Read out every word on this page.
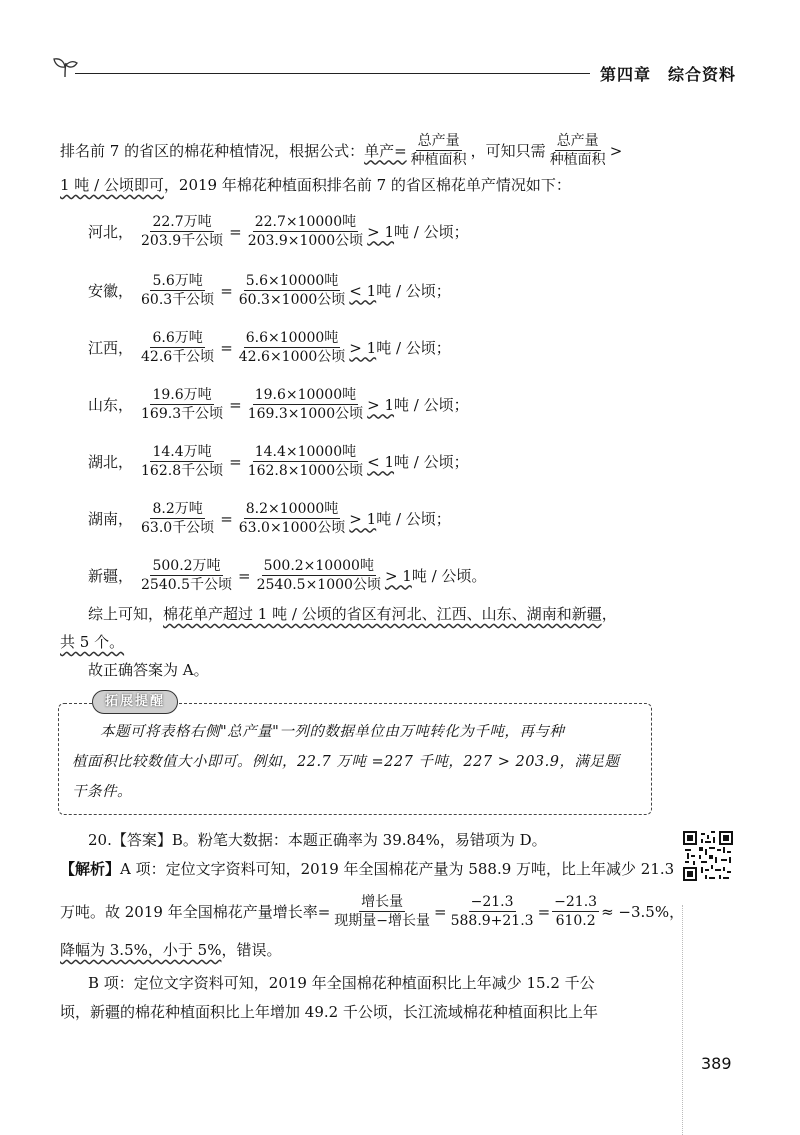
第四章　综合资料
排名前 7 的省区的棉花种植情况，根据公式： 单产= $\frac{\text{总产量}}{\text{种植面积}}$ ，可知只需 $\frac{\text{总产量}}{\text{种植面积}}$ >
1 吨 / 公顷即可，2019 年棉花种植面积排名前 7 的省区棉花单产情况如下：
河北， $\frac{\text{22.7万吨}}{\text{203.9千公顷}} = \frac{\text{22.7×10000吨}}{\text{203.9×1000公顷}} > 1$ 吨 / 公顷；
安徽， $\frac{\text{5.6万吨}}{\text{60.3千公顷}} = \frac{\text{5.6×10000吨}}{\text{60.3×1000公顷}} < 1$ 吨 / 公顷；
江西， $\frac{\text{6.6万吨}}{\text{42.6千公顷}} = \frac{\text{6.6×10000吨}}{\text{42.6×1000公顷}} > 1$ 吨 / 公顷；
山东， $\frac{\text{19.6万吨}}{\text{169.3千公顷}} = \frac{\text{19.6×10000吨}}{\text{169.3×1000公顷}} > 1$ 吨 / 公顷；
湖北， $\frac{\text{14.4万吨}}{\text{162.8千公顷}} = \frac{\text{14.4×10000吨}}{\text{162.8×1000公顷}} < 1$ 吨 / 公顷；
湖南， $\frac{\text{8.2万吨}}{\text{63.0千公顷}} = \frac{\text{8.2×10000吨}}{\text{63.0×1000公顷}} > 1$ 吨 / 公顷；
新疆， $\frac{\text{500.2万吨}}{\text{2540.5千公顷}} = \frac{\text{500.2×10000吨}}{\text{2540.5×1000公顷}} > 1$ 吨 / 公顷。
综上可知，棉花单产超过 1 吨 / 公顷的省区有河北、江西、山东、湖南和新疆，
共 5 个。
故正确答案为 A。
拓展提醒
本题可将表格右侧"总产量"一列的数据单位由万吨转化为千吨，再与种
植面积比较数值大小即可。例如，22.7 万吨 =227 千吨，227 > 203.9，满足题
干条件。
20.【答案】B。粉笔大数据：本题正确率为 39.84%，易错项为 D。
【解析】A 项：定位文字资料可知，2019 年全国棉花产量为 588.9 万吨，比上年减少 21.3
万吨。故 2019 年全国棉花产量增长率= $\frac{\text{增长量}}{\text{现期量−增长量}} = \frac{-21.3}{588.9+21.3} = \frac{-21.3}{610.2} \approx -3.5\%$，
降幅为 3.5%，小于 5%，错误。
B 项：定位文字资料可知，2019 年全国棉花种植面积比上年减少 15.2 千公
顷，新疆的棉花种植面积比上年增加 49.2 千公顷，长江流域棉花种植面积比上年
389
